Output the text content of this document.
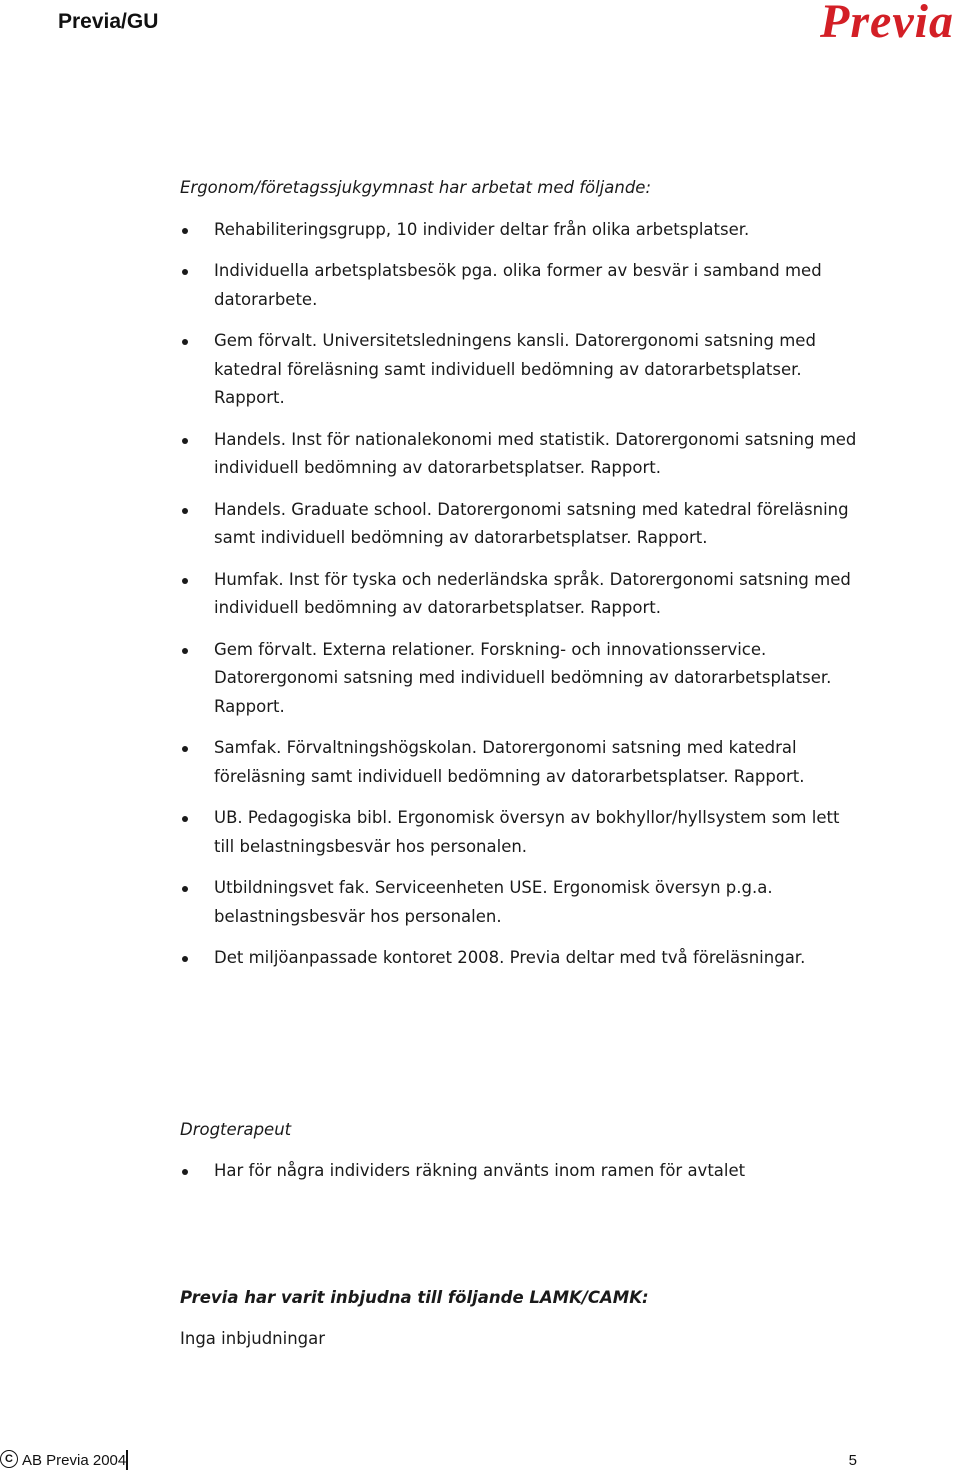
Previa/GU	Previa

Ergonom/företagssjukgymnast har arbetat med följande:

Rehabiliteringsgrupp, 10 individer deltar från olika arbetsplatser.
Individuella arbetsplatsbesök pga. olika former av besvär i samband med datorarbete.
Gem förvalt. Universitetsledningens kansli. Datorergonomi satsning med katedral föreläsning samt individuell bedömning av datorarbetsplatser. Rapport.
Handels. Inst för nationalekonomi med statistik. Datorergonomi satsning med individuell bedömning av datorarbetsplatser. Rapport.
Handels. Graduate school. Datorergonomi satsning med katedral föreläsning samt individuell bedömning av datorarbetsplatser. Rapport.
Humfak. Inst för tyska och nederländska språk. Datorergonomi satsning med individuell bedömning av datorarbetsplatser. Rapport.
Gem förvalt. Externa relationer. Forskning- och innovationsservice. Datorergonomi satsning med individuell bedömning av datorarbetsplatser. Rapport.
Samfak. Förvaltningshögskolan. Datorergonomi satsning med katedral föreläsning samt individuell bedömning av datorarbetsplatser. Rapport.
UB. Pedagogiska bibl. Ergonomisk översyn av bokhyllor/hyllsystem som lett till belastningsbesvär hos personalen.
Utbildningsvet fak. Serviceenheten USE. Ergonomisk översyn p.g.a. belastningsbesvär hos personalen.
Det miljöanpassade kontoret 2008. Previa deltar med två föreläsningar.

Drogterapeut

Har för några individers räkning använts inom ramen för avtalet

Previa har varit inbjudna till följande LAMK/CAMK:

Inga inbjudningar

C AB Previa 2004	5
